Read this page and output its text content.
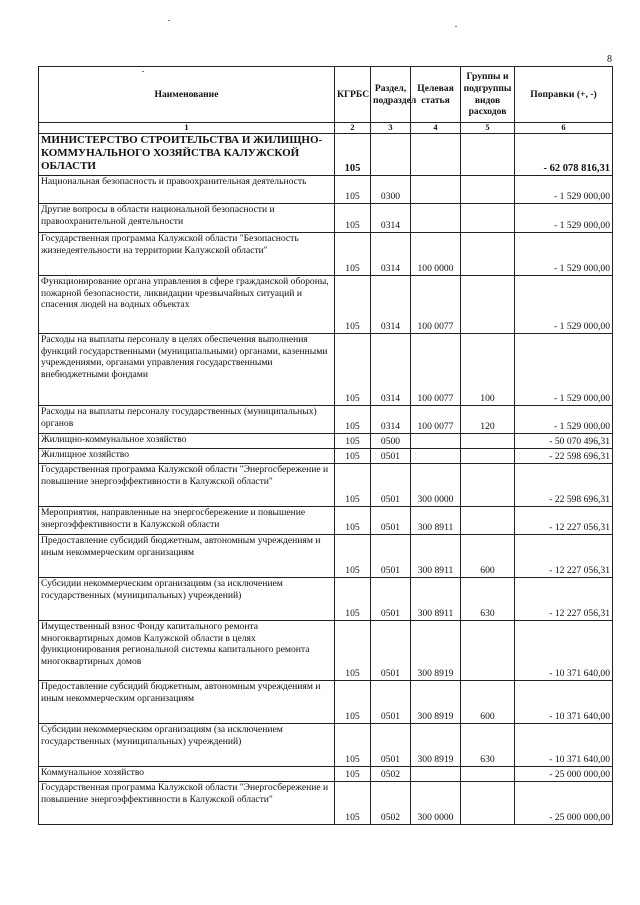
8
Наименование	КГРБС	Раздел, подраздел	Целевая статья	Группы и подгруппы видов расходов	Поправки (+, -)
1	2	3	4	5	6
МИНИСТЕРСТВО СТРОИТЕЛЬСТВА И ЖИЛИЩНО-КОММУНАЛЬНОГО ХОЗЯЙСТВА КАЛУЖСКОЙ ОБЛАСТИ	105				- 62 078 816,31
Национальная безопасность и правоохранительная деятельность	105	0300			- 1 529 000,00
Другие вопросы в области национальной безопасности и правоохранительной деятельности	105	0314			- 1 529 000,00
Государственная программа Калужской области "Безопасность жизнедеятельности на территории Калужской области"	105	0314	100 0000		- 1 529 000,00
Функционирование органа управления в сфере гражданской обороны, пожарной безопасности, ликвидации чрезвычайных ситуаций и спасения людей на водных объектах	105	0314	100 0077		- 1 529 000,00
Расходы на выплаты персоналу в целях обеспечения выполнения функций государственными (муниципальными) органами, казенными учреждениями, органами управления государственными внебюджетными фондами	105	0314	100 0077	100	- 1 529 000,00
Расходы на выплаты персоналу государственных (муниципальных) органов	105	0314	100 0077	120	- 1 529 000,00
Жилищно-коммунальное хозяйство	105	0500			- 50 070 496,31
Жилищное хозяйство	105	0501			- 22 598 696,31
Государственная программа Калужской области "Энергосбережение и повышение энергоэффективности в Калужской области"	105	0501	300 0000		- 22 598 696,31
Мероприятия, направленные на энергосбережение и повышение энергоэффективности в Калужской области	105	0501	300 8911		- 12 227 056,31
Предоставление субсидий бюджетным, автономным учреждениям и иным некоммерческим организациям	105	0501	300 8911	600	- 12 227 056,31
Субсидии некоммерческим организациям (за исключением государственных (муниципальных) учреждений)	105	0501	300 8911	630	- 12 227 056,31
Имущественный взнос Фонду капитального ремонта многоквартирных домов Калужской области в целях функционирования региональной системы капитального ремонта многоквартирных домов	105	0501	300 8919		- 10 371 640,00
Предоставление субсидий бюджетным, автономным учреждениям и иным некоммерческим организациям	105	0501	300 8919	600	- 10 371 640,00
Субсидии некоммерческим организациям (за исключением государственных (муниципальных) учреждений)	105	0501	300 8919	630	- 10 371 640,00
Коммунальное хозяйство	105	0502			- 25 000 000,00
Государственная программа Калужской области "Энергосбережение и повышение энергоэффективности в Калужской области"	105	0502	300 0000		- 25 000 000,00
